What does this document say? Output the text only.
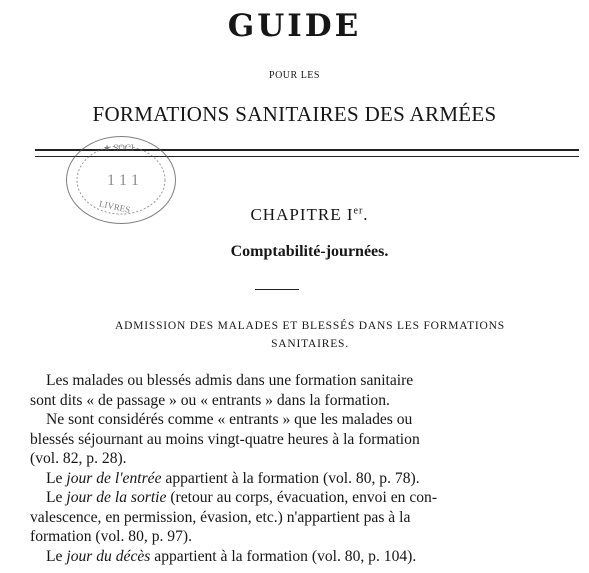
GUIDE
POUR LES
FORMATIONS SANITAIRES DES ARMÉES
★ SOCI
1 1 1
LIVRES	CHAPITRE Ier.
Comptabilité-journées.
ADMISSION DES MALADES ET BLESSÉS DANS LES FORMATIONS
SANITAIRES.
Les malades ou blessés admis dans une formation sanitaire
sont dits « de passage » ou « entrants » dans la formation.
Ne sont considérés comme « entrants » que les malades ou
blessés séjournant au moins vingt-quatre heures à la formation
(vol. 82, p. 28).
Le jour de l'entrée appartient à la formation (vol. 80, p. 78).
Le jour de la sortie (retour au corps, évacuation, envoi en con-
valescence, en permission, évasion, etc.) n'appartient pas à la
formation (vol. 80, p. 97).
Le jour du décès appartient à la formation (vol. 80, p. 104).
